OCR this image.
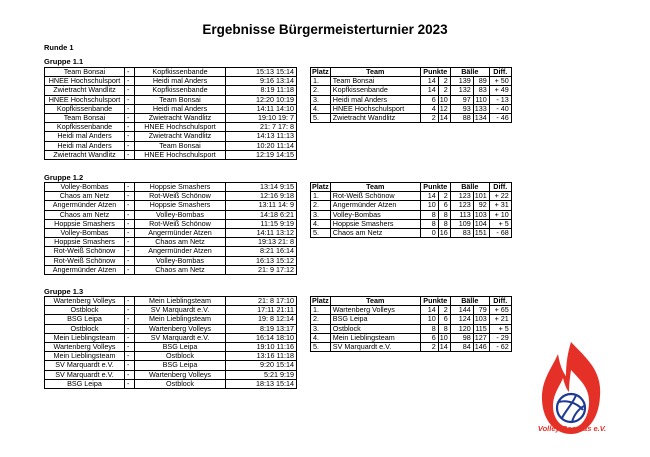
Ergebnisse Bürgermeisterturnier 2023
Runde 1
Gruppe 1.1
Team Bonsai	-	Kopfkissenbande	15:13 15:14
HNEE Hochschulsport	-	Heidi mal Anders	9:16 13:14
Zwietracht Wandlitz	-	Kopfkissenbande	8:19 11:18
HNEE Hochschulsport	-	Team Bonsai	12:20 10:19
Kopfkissenbande	-	Heidi mal Anders	14:11 14:10
Team Bonsai	-	Zwietracht Wandlitz	19:10 19: 7
Kopfkissenbande	-	HNEE Hochschulsport	21: 7 17: 8
Heidi mal Anders	-	Zwietracht Wandlitz	14:13 11:13
Heidi mal Anders	-	Team Bonsai	10:20 11:14
Zwietracht Wandlitz	-	HNEE Hochschulsport	12:19 14:15
Platz	Team	Punkte		Bälle		Diff.
1.	Team Bonsai	14	2	139	89	+ 50
2.	Kopfkissenbande	14	2	132	83	+ 49
3.	Heidi mal Anders	6	10	97	110	- 13
4.	HNEE Hochschulsport	4	12	93	133	- 40
5.	Zwietracht Wandlitz	2	14	88	134	- 46
Gruppe 1.2
Volley-Bombas	-	Hoppsie Smashers	13:14 9:15
Chaos am Netz	-	Rot-Weiß Schönow	12:16 9:18
Angermünder Atzen	-	Hoppsie Smashers	13:11 14: 9
Chaos am Netz	-	Volley-Bombas	14:18 6:21
Hoppsie Smashers	-	Rot-Weiß Schönow	11:15 9:19
Volley-Bombas	-	Angermünder Atzen	14:11 13:12
Hoppsie Smashers	-	Chaos am Netz	19:13 21: 8
Rot-Weiß Schönow	-	Angermünder Atzen	8:21 16:14
Rot-Weiß Schönow	-	Volley-Bombas	16:13 15:12
Angermünder Atzen	-	Chaos am Netz	21: 9 17:12
Platz	Team	Punkte		Bälle		Diff.
1.	Rot-Weiß Schönow	14	2	123	101	+ 22
2.	Angermünder Atzen	10	6	123	92	+ 31
3.	Volley-Bombas	8	8	113	103	+ 10
4.	Hoppsie Smashers	8	8	109	104	+ 5
5.	Chaos am Netz	0	16	83	151	- 68
Gruppe 1.3
Wartenberg Volleys	-	Mein Lieblingsteam	21: 8 17:10
Ostblock	-	SV Marquardt e.V.	17:11 21:11
BSG Leipa	-	Mein Lieblingsteam	19: 8 12:14
Ostblock	-	Wartenberg Volleys	8:19 13:17
Mein Lieblingsteam	-	SV Marquardt e.V.	16:14 18:10
Wartenberg Volleys	-	BSG Leipa	19:10 11:16
Mein Lieblingsteam	-	Ostblock	13:16 11:18
SV Marquardt e.V.	-	BSG Leipa	9:20 15:14
SV Marquardt e.V.	-	Wartenberg Volleys	5:21 9:19
BSG Leipa	-	Ostblock	18:13 15:14
Platz	Team	Punkte		Bälle		Diff.
1.	Wartenberg Volleys	14	2	144	79	+ 65
2.	BSG Leipa	10	6	124	103	+ 21
3.	Ostblock	8	8	120	115	+ 5
4.	Mein Lieblingsteam	6	10	98	127	- 29
5.	SV Marquardt e.V.	2	14	84	146	- 62
Volley Bombas e.V.
